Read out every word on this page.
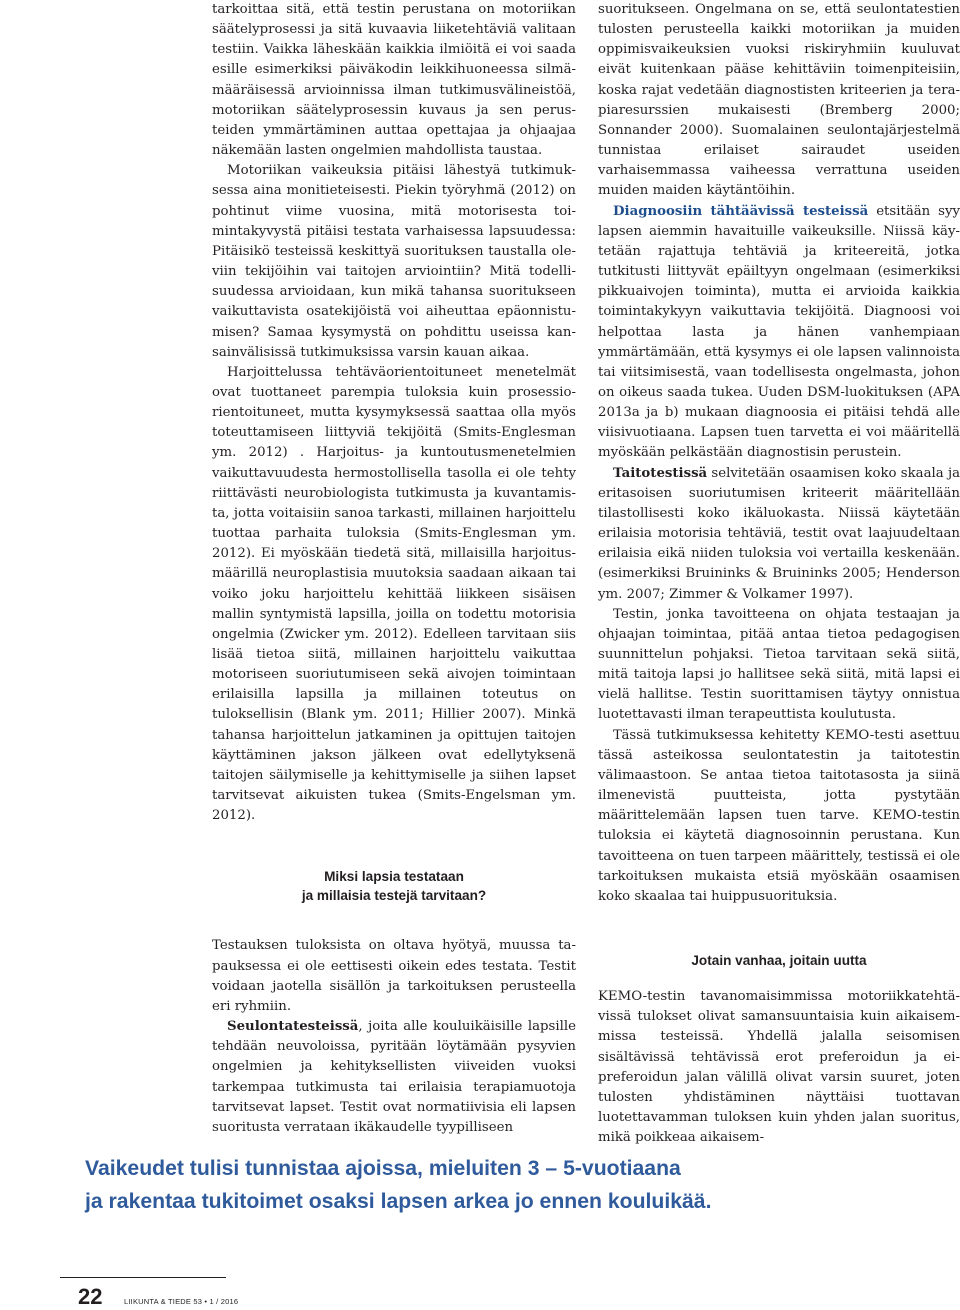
tarkoittaa sitä, että testin perustana on motoriikan säätelyprosessi ja sitä kuvaavia liiketehtäviä valitaan testiin. Vaikka läheskään kaikkia ilmiöitä ei voi saada esille esimerkiksi päiväkodin leikkihuoneessa silmämääräisessä arvioinnissa ilman tutkimusvälineistöä, motoriikan säätelyprosessin kuvaus ja sen perusteiden ymmärtäminen auttaa opettajaa ja ohjaajaa näkemään lasten ongelmien mahdollista taustaa.

Motoriikan vaikeuksia pitäisi lähestyä tutkimuksessa aina monitieteisesti. Piekin työryhmä (2012) on pohtinut viime vuosina, mitä motorisesta toimintakyvystä pitäisi testata varhaisessa lapsuudessa: Pitäisikö testeissä keskittyä suorituksen taustalla oleviin tekijöihin vai taitojen arviointiin? Mitä todellisuudessa arvioidaan, kun mikä tahansa suoritukseen vaikuttavista osatekijöistä voi aiheuttaa epäonnistumisen? Samaa kysymystä on pohdittu useissa kansainvälisissä tutkimuksissa varsin kauan aikaa.

Harjoittelussa tehtäväorientoituneet menetelmät ovat tuottaneet parempia tuloksia kuin prosessiorientoituneet, mutta kysymyksessä saattaa olla myös toteuttamiseen liittyviä tekijöitä (Smits-Englesman ym. 2012) . Harjoitus- ja kuntoutusmenetelmien vaikuttavuudesta hermostollisella tasolla ei ole tehty riittävästi neurobiologista tutkimusta ja kuvantamista, jotta voitaisiin sanoa tarkasti, millainen harjoittelu tuottaa parhaita tuloksia (Smits-Englesman ym. 2012). Ei myöskään tiedetä sitä, millaisilla harjoitusmäärillä neuroplastisia muutoksia saadaan aikaan tai voiko joku harjoittelu kehittää liikkeen sisäisen mallin syntymistä lapsilla, joilla on todettu motorisia ongelmia (Zwicker ym. 2012). Edelleen tarvitaan siis lisää tietoa siitä, millainen harjoittelu vaikuttaa motoriseen suoriutumiseen sekä aivojen toimintaan erilaisilla lapsilla ja millainen toteutus on tuloksellisin (Blank ym. 2011; Hillier 2007). Minkä tahansa harjoittelun jatkaminen ja opittujen taitojen käyttäminen jakson jälkeen ovat edellytyksenä taitojen säilymiselle ja kehittymiselle ja siihen lapset tarvitsevat aikuisten tukea (Smits-Engelsman ym. 2012).

Miksi lapsia testataan
ja millaisia testejä tarvitaan?

Testauksen tuloksista on oltava hyötyä, muussa tapauksessa ei ole eettisesti oikein edes testata. Testit voidaan jaotella sisällön ja tarkoituksen perusteella eri ryhmiin.

Seulontatesteissä, joita alle kouluikäisille lapsille tehdään neuvoloissa, pyritään löytämään pysyvien ongelmien ja kehityksellisten viiveiden vuoksi tarkempaa tutkimusta tai erilaisia terapiamuotoja tarvitsevat lapset. Testit ovat normatiivisia eli lapsen suoritusta verrataan ikäkaudelle tyypilliseen

suoritukseen. Ongelmana on se, että seulontatestien tulosten perusteella kaikki motoriikan ja muiden oppimisvaikeuksien vuoksi riskiryhmiin kuuluvat eivät kuitenkaan pääse kehittäviin toimenpiteisiin, koska rajat vedetään diagnostisten kriteerien ja terapiaresurssien mukaisesti (Bremberg 2000; Sonnander 2000). Suomalainen seulontajärjestelmä tunnistaa erilaiset sairaudet useiden varhaisemmassa vaiheessa verrattuna useiden muiden maiden käytäntöihin.

Diagnoosiin tähtäävissä testeissä etsitään syy lapsen aiemmin havaituille vaikeuksille. Niissä käytetään rajattuja tehtäviä ja kriteereitä, jotka tutkitusti liittyvät epäiltyyn ongelmaan (esimerkiksi pikkuaivojen toiminta), mutta ei arvioida kaikkia toimintakykyyn vaikuttavia tekijöitä. Diagnoosi voi helpottaa lasta ja hänen vanhempiaan ymmärtämään, että kysymys ei ole lapsen valinnoista tai viitsimisestä, vaan todellisesta ongelmasta, johon on oikeus saada tukea. Uuden DSM-luokituksen (APA 2013a ja b) mukaan diagnoosia ei pitäisi tehdä alle viisivuotiaana. Lapsen tuen tarvetta ei voi määritellä myöskään pelkästään diagnostisin perustein.

Taitotestissä selvitetään osaamisen koko skaala ja eritasoisen suoriutumisen kriteerit määritellään tilastollisesti koko ikäluokasta. Niissä käytetään erilaisia motorisia tehtäviä, testit ovat laajuudeltaan erilaisia eikä niiden tuloksia voi vertailla keskenään. (esimerkiksi Bruininks & Bruininks 2005; Henderson ym. 2007; Zimmer & Volkamer 1997).

Testin, jonka tavoitteena on ohjata testaajan ja ohjaajan toimintaa, pitää antaa tietoa pedagogisen suunnittelun pohjaksi. Tietoa tarvitaan sekä siitä, mitä taitoja lapsi jo hallitsee sekä siitä, mitä lapsi ei vielä hallitse. Testin suorittamisen täytyy onnistua luotettavasti ilman terapeuttista koulutusta.

Tässä tutkimuksessa kehitetty KEMO-testi asettuu tässä asteikossa seulontatestin ja taitotestin välimaastoon. Se antaa tietoa taitotasosta ja siinä ilmenevistä puutteista, jotta pystytään määrittelemään lapsen tuen tarve. KEMO-testin tuloksia ei käytetä diagnosoinnin perustana. Kun tavoitteena on tuen tarpeen määrittely, testissä ei ole tarkoituksen mukaista etsiä myöskään osaamisen koko skaalaa tai huippusuorituksia.

Jotain vanhaa, joitain uutta

KEMO-testin tavanomaisimmissa motoriikkatehtävissä tulokset olivat samansuuntaisia kuin aikaisemmissa testeissä. Yhdellä jalalla seisomisen sisältävissä tehtävissä erot preferoidun ja ei-preferoidun jalan välillä olivat varsin suuret, joten tulosten yhdistäminen näyttäisi tuottavan luotettavamman tuloksen kuin yhden jalan suoritus, mikä poikkeaa aikaisem-

Vaikeudet tulisi tunnistaa ajoissa, mieluiten 3 – 5-vuotiaana
ja rakentaa tukitoimet osaksi lapsen arkea jo ennen kouluikää.
22	LIIKUNTA & TIEDE 53 • 1 / 2016
